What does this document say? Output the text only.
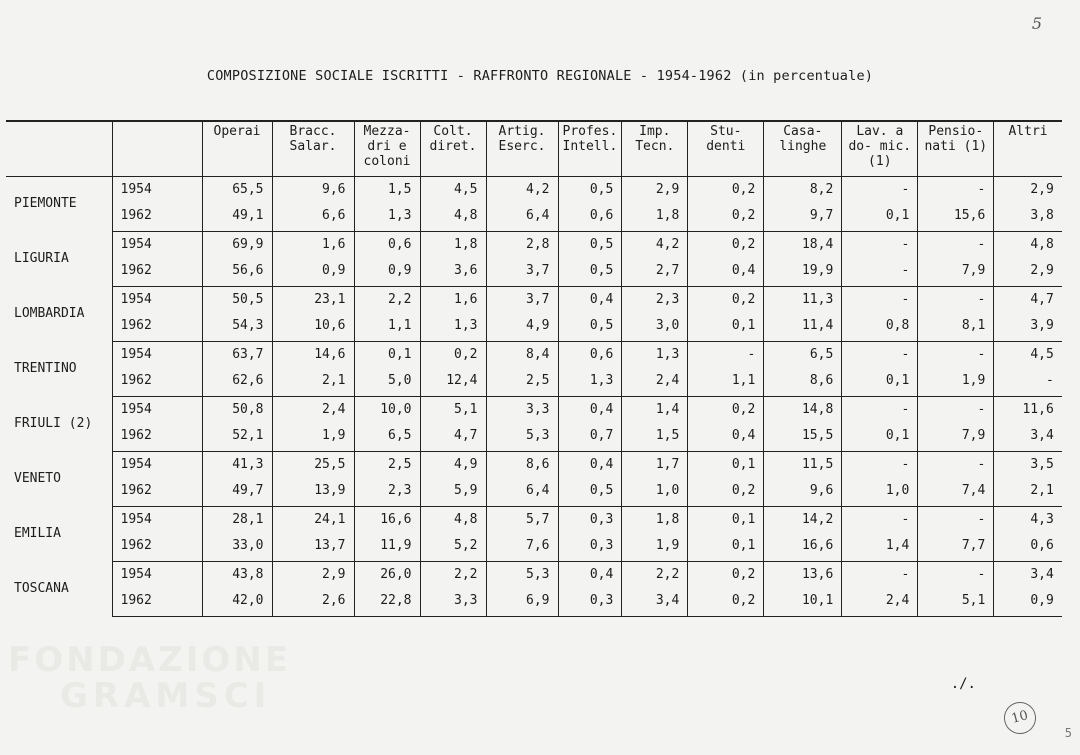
FONDAZIONE
GRAMSCI
5
COMPOSIZIONE SOCIALE ISCRITTI - RAFFRONTO REGIONALE - 1954-1962 (in percentuale)
		Operai	Bracc. Salar.	Mezza- dri e coloni	Colt. diret.	Artig. Eserc.	Profes. Intell.	Imp. Tecn.	Stu- denti	Casa- linghe	Lav. a do- mic.(1)	Pensio- nati (1)	Altri
PIEMONTE	1954	65,5	9,6	1,5	4,5	4,2	0,5	2,9	0,2	8,2	-	-	2,9
	1962	49,1	6,6	1,3	4,8	6,4	0,6	1,8	0,2	9,7	0,1	15,6	3,8
LIGURIA	1954	69,9	1,6	0,6	1,8	2,8	0,5	4,2	0,2	18,4	-	-	4,8
	1962	56,6	0,9	0,9	3,6	3,7	0,5	2,7	0,4	19,9	-	7,9	2,9
LOMBARDIA	1954	50,5	23,1	2,2	1,6	3,7	0,4	2,3	0,2	11,3	-	-	4,7
	1962	54,3	10,6	1,1	1,3	4,9	0,5	3,0	0,1	11,4	0,8	8,1	3,9
TRENTINO	1954	63,7	14,6	0,1	0,2	8,4	0,6	1,3	-	6,5	-	-	4,5
	1962	62,6	2,1	5,0	12,4	2,5	1,3	2,4	1,1	8,6	0,1	1,9	-
FRIULI (2)	1954	50,8	2,4	10,0	5,1	3,3	0,4	1,4	0,2	14,8	-	-	11,6
	1962	52,1	1,9	6,5	4,7	5,3	0,7	1,5	0,4	15,5	0,1	7,9	3,4
VENETO	1954	41,3	25,5	2,5	4,9	8,6	0,4	1,7	0,1	11,5	-	-	3,5
	1962	49,7	13,9	2,3	5,9	6,4	0,5	1,0	0,2	9,6	1,0	7,4	2,1
EMILIA	1954	28,1	24,1	16,6	4,8	5,7	0,3	1,8	0,1	14,2	-	-	4,3
	1962	33,0	13,7	11,9	5,2	7,6	0,3	1,9	0,1	16,6	1,4	7,7	0,6
TOSCANA	1954	43,8	2,9	26,0	2,2	5,3	0,4	2,2	0,2	13,6	-	-	3,4
	1962	42,0	2,6	22,8	3,3	6,9	0,3	3,4	0,2	10,1	2,4	5,1	0,9
./.
10
5
